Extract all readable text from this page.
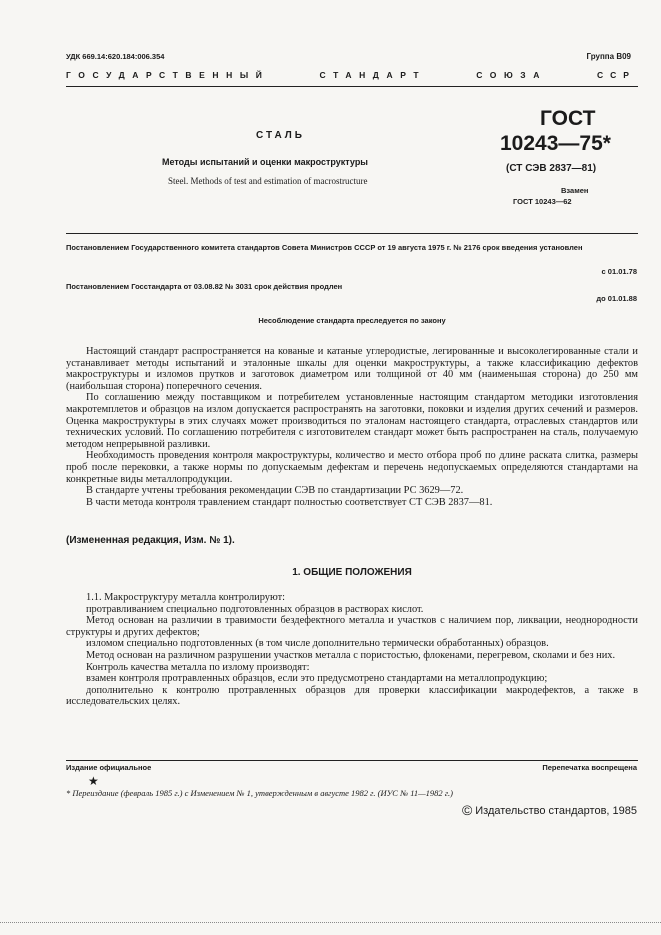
УДК 669.14:620.184:006.354	Группа В09
ГОСУДАРСТВЕННЫЙ	СТАНДАРТ	СОЮЗА	ССР
СТАЛЬ
Методы испытаний и оценки макроструктуры
Steel. Methods of test and estimation of macrostructure
ГОСТ
10243—75*
(СТ СЭВ 2837—81)
Взамен
ГОСТ 10243—62
Постановлением Государственного комитета стандартов Совета Министров СССР от 19 августа 1975 г. № 2176 срок введения установлен
с 01.01.78
Постановлением Госстандарта от 03.08.82 № 3031 срок действия продлен
до 01.01.88
Несоблюдение стандарта преследуется по закону

Настоящий стандарт распространяется на кованые и катаные углеродистые, легированные и высоколегированные стали и устанавливает методы испытаний и эталонные шкалы для оценки макроструктуры, а также классификацию дефектов макроструктуры и изломов прутков и заготовок диаметром или толщиной от 40 мм (наименьшая сторона) до 250 мм (наибольшая сторона) поперечного сечения.

По соглашению между поставщиком и потребителем установленные настоящим стандартом методики изготовления макротемплетов и образцов на излом допускается распространять на заготовки, поковки и изделия других сечений и размеров. Оценка макроструктуры в этих случаях может производиться по эталонам настоящего стандарта, отраслевых стандартов или технических условий. По соглашению потребителя с изготовителем стандарт может быть распространен на сталь, получаемую методом непрерывной разливки.

Необходимость проведения контроля макроструктуры, количество и место отбора проб по длине раската слитка, размеры проб после перековки, а также нормы по допускаемым дефектам и перечень недопускаемых определяются стандартами на конкретные виды металлопродукции.

В стандарте учтены требования рекомендации СЭВ по стандартизации РС 3629—72.

В части метода контроля травлением стандарт полностью соответствует СТ СЭВ 2837—81.

(Измененная редакция, Изм. № 1).
1. ОБЩИЕ ПОЛОЖЕНИЯ

1.1. Макроструктуру металла контролируют:

протравливанием специально подготовленных образцов в растворах кислот.

Метод основан на различии в травимости бездефектного металла и участков с наличием пор, ликвации, неоднородности структуры и других дефектов;

изломом специально подготовленных (в том числе дополнительно термически обработанных) образцов.

Метод основан на различном разрушении участков металла с пористостью, флокенами, перегревом, сколами и без них.

Контроль качества металла по излому производят:

взамен контроля протравленных образцов, если это предусмотрено стандартами на металлопродукцию;

дополнительно к контролю протравленных образцов для проверки классификации макродефектов, а также в исследовательских целях.

Издание официальное	Перепечатка воспрещена
★
* Переиздание (февраль 1985 г.) с Изменением № 1, утвержденным в августе 1982 г. (ИУС № 11—1982 г.)
© Издательство стандартов, 1985
